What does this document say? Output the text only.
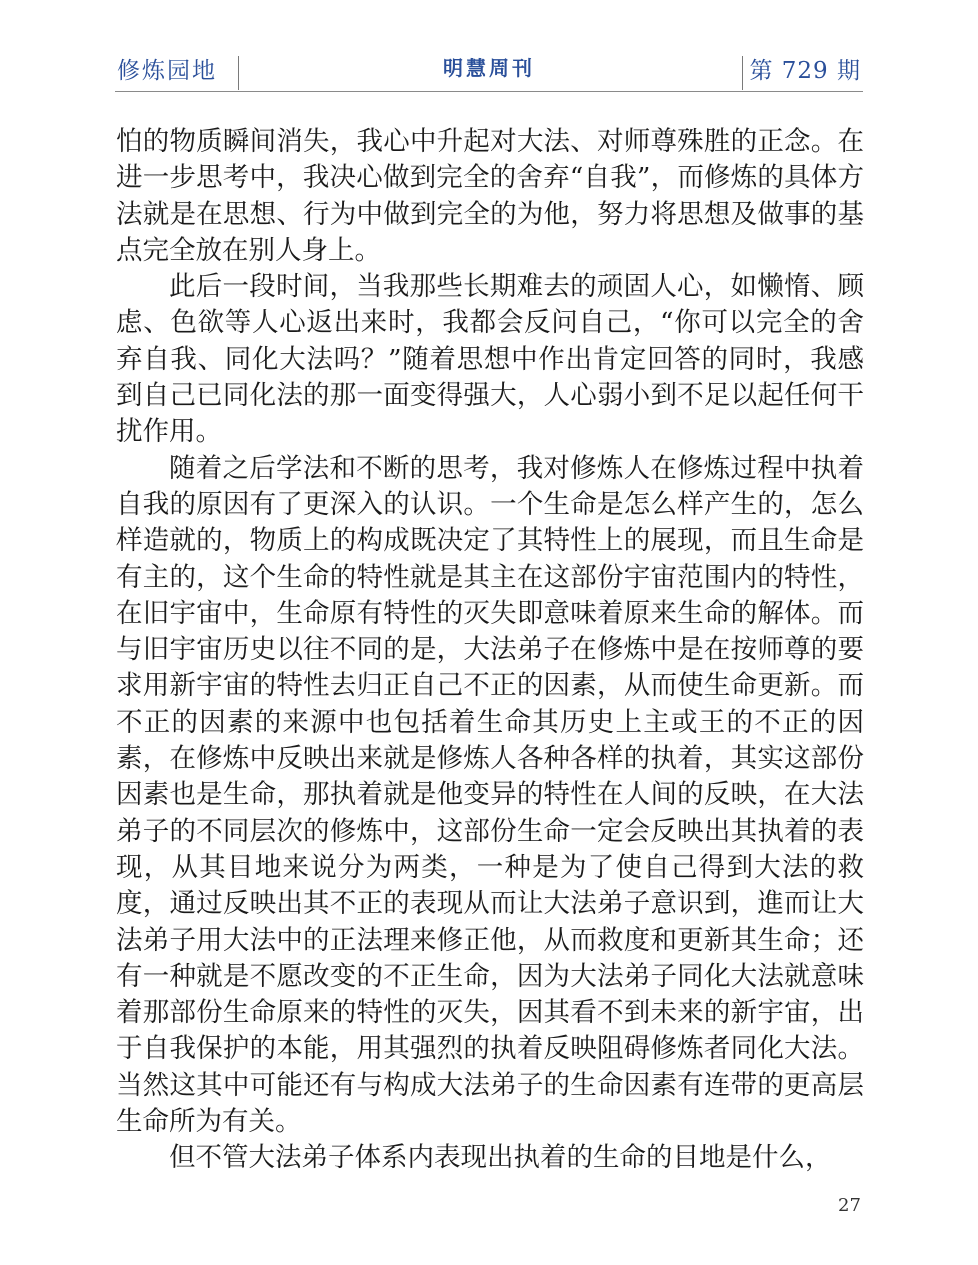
修炼园地	明慧周刊	第 729 期

怕的物质瞬间消失，我心中升起对大法、对师尊殊胜的正念。在进一步思考中，我决心做到完全的舍弃“自我”，而修炼的具体方法就是在思想、行为中做到完全的为他，努力将思想及做事的基点完全放在别人身上。

此后一段时间，当我那些长期难去的顽固人心，如懒惰、顾虑、色欲等人心返出来时，我都会反问自己，“你可以完全的舍弃自我、同化大法吗？”随着思想中作出肯定回答的同时，我感到自己已同化法的那一面变得强大，人心弱小到不足以起任何干扰作用。

随着之后学法和不断的思考，我对修炼人在修炼过程中执着自我的原因有了更深入的认识。一个生命是怎么样产生的，怎么样造就的，物质上的构成既决定了其特性上的展现，而且生命是有主的，这个生命的特性就是其主在这部份宇宙范围内的特性，在旧宇宙中，生命原有特性的灭失即意味着原来生命的解体。而与旧宇宙历史以往不同的是，大法弟子在修炼中是在按师尊的要求用新宇宙的特性去归正自己不正的因素，从而使生命更新。而不正的因素的来源中也包括着生命其历史上主或王的不正的因素，在修炼中反映出来就是修炼人各种各样的执着，其实这部份因素也是生命，那执着就是他变异的特性在人间的反映，在大法弟子的不同层次的修炼中，这部份生命一定会反映出其执着的表现，从其目地来说分为两类，一种是为了使自己得到大法的救度，通过反映出其不正的表现从而让大法弟子意识到，進而让大法弟子用大法中的正法理来修正他，从而救度和更新其生命；还有一种就是不愿改变的不正生命，因为大法弟子同化大法就意味着那部份生命原来的特性的灭失，因其看不到未来的新宇宙，出于自我保护的本能，用其强烈的执着反映阻碍修炼者同化大法。当然这其中可能还有与构成大法弟子的生命因素有连带的更高层生命所为有关。

但不管大法弟子体系内表现出执着的生命的目地是什么，

27
